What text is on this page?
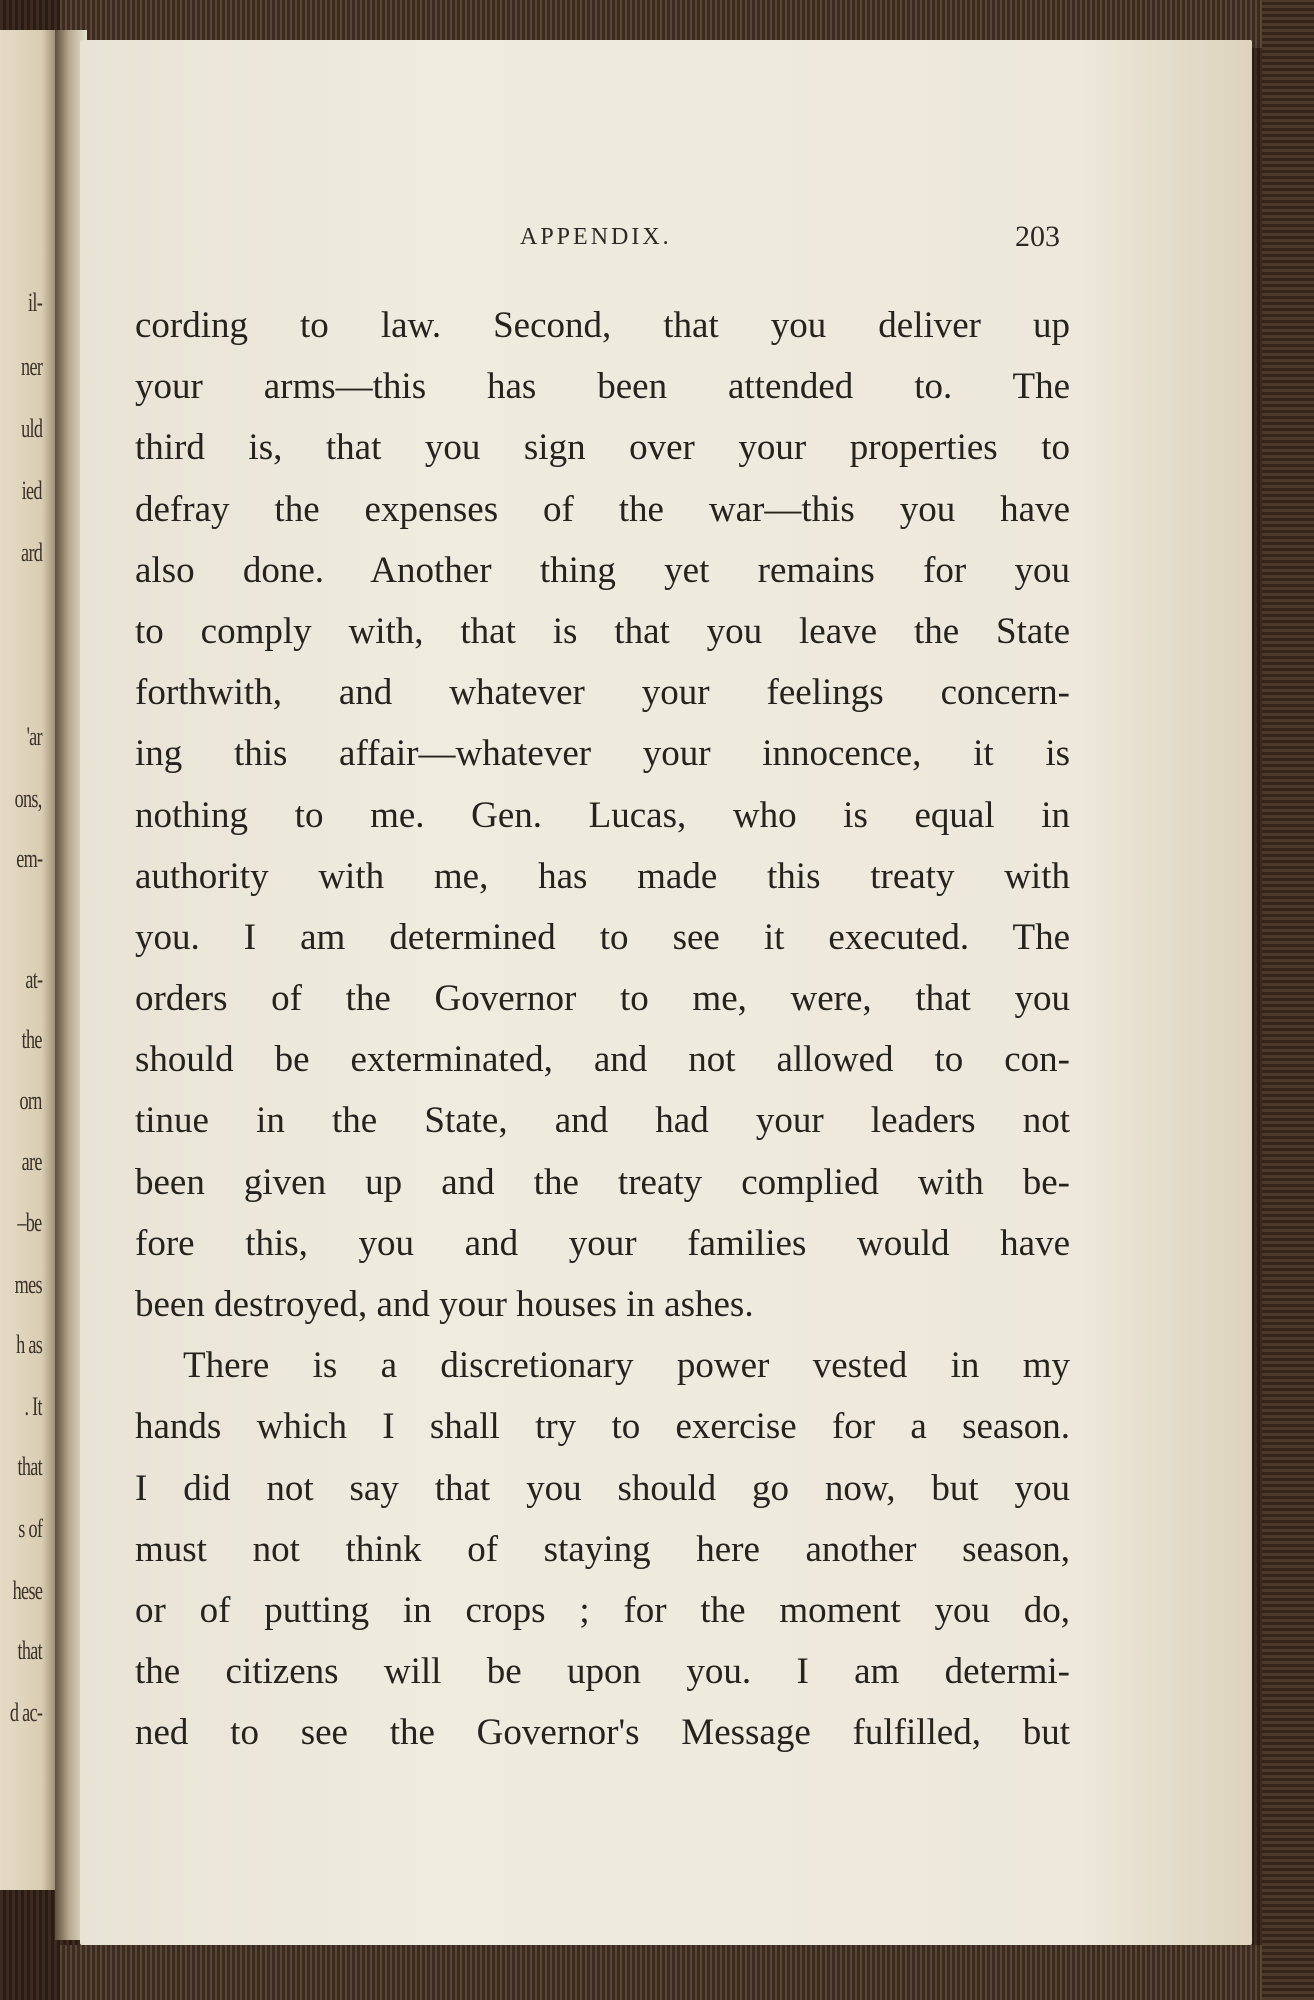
il-
ner
uld
ied
ard
'ar
ons,
em-
at-
the
orn
are
–be
mes
h as
. It
that
s of
hese
that
d ac-
APPENDIX.	203
cording to law. Second, that you deliver up
your arms—this has been attended to. The
third is, that you sign over your properties to
defray the expenses of the war—this you have
also done. Another thing yet remains for you
to comply with, that is that you leave the State
forthwith, and whatever your feelings concern-
ing this affair—whatever your innocence, it is
nothing to me. Gen. Lucas, who is equal in
authority with me, has made this treaty with
you. I am determined to see it executed. The
orders of the Governor to me, were, that you
should be exterminated, and not allowed to con-
tinue in the State, and had your leaders not
been given up and the treaty complied with be-
fore this, you and your families would have
been destroyed, and your houses in ashes.
There is a discretionary power vested in my
hands which I shall try to exercise for a season.
I did not say that you should go now, but you
must not think of staying here another season,
or of putting in crops ; for the moment you do,
the citizens will be upon you. I am determi-
ned to see the Governor's Message fulfilled, but
